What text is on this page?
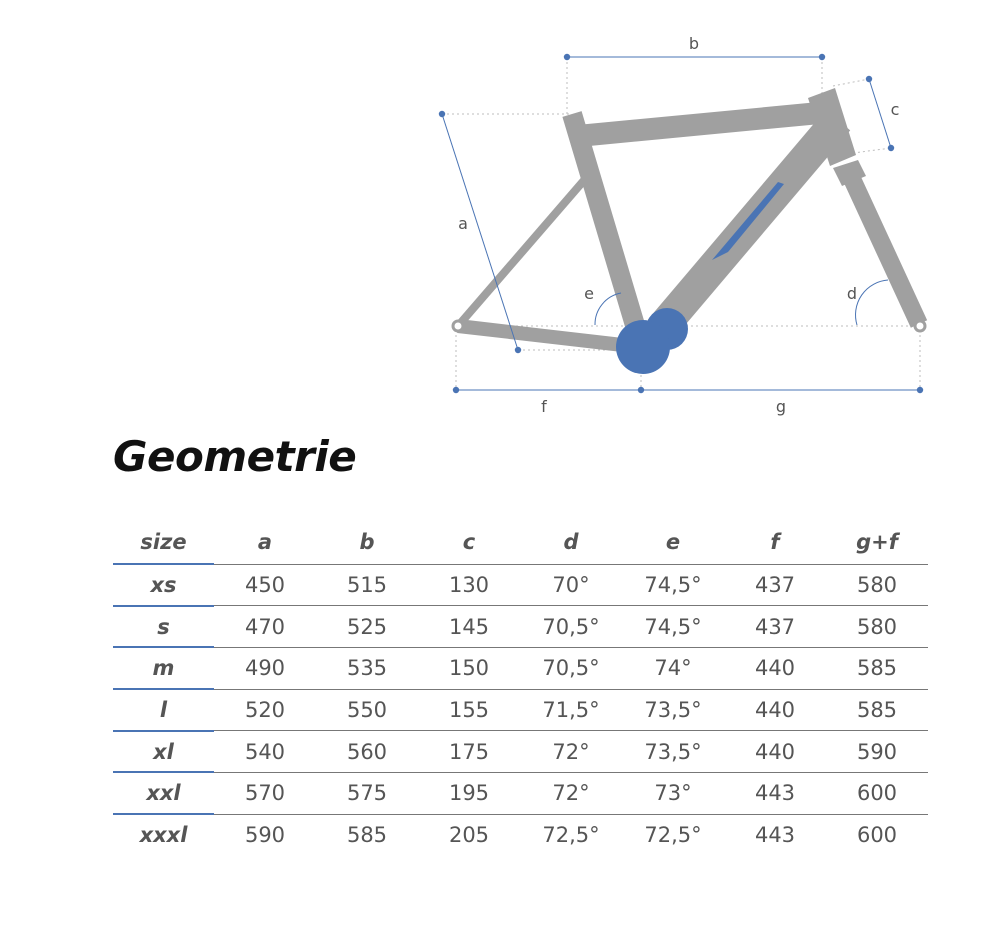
a
b
c
d
e
f	g
Geometrie
size	a	b	c	d	e	f	g+f
xs	450	515	130	70°	74,5°	437	580
s	470	525	145	70,5°	74,5°	437	580
m	490	535	150	70,5°	74°	440	585
l	520	550	155	71,5°	73,5°	440	585
xl	540	560	175	72°	73,5°	440	590
xxl	570	575	195	72°	73°	443	600
xxxl	590	585	205	72,5°	72,5°	443	600
